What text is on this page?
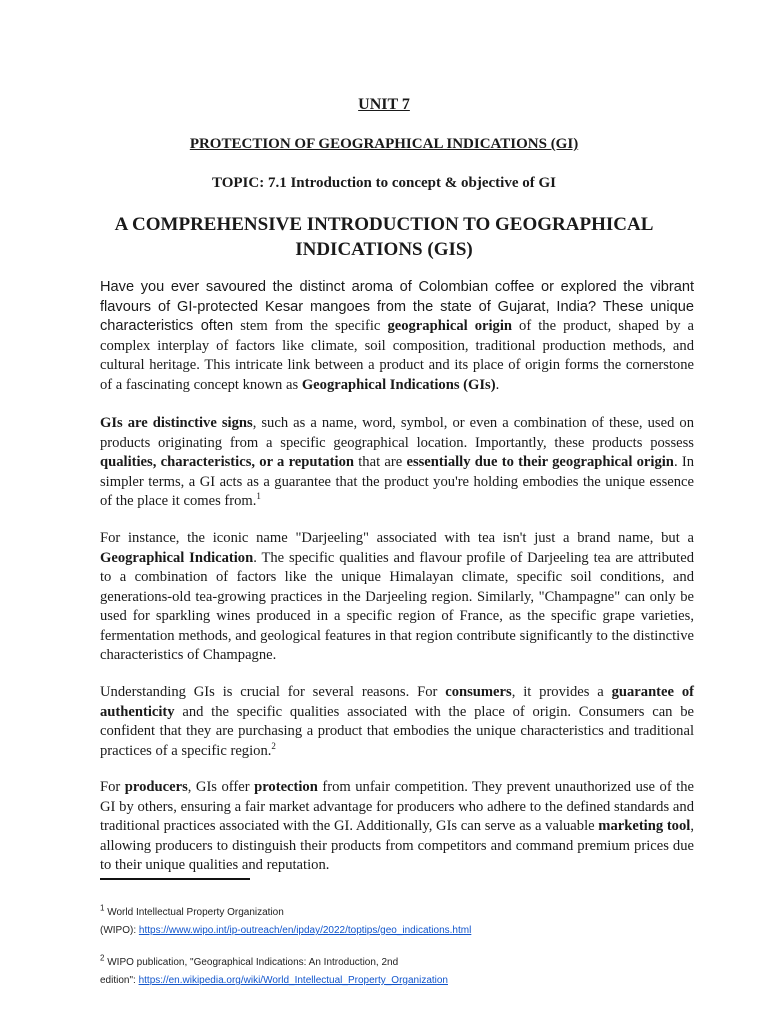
UNIT 7
PROTECTION OF GEOGRAPHICAL INDICATIONS (GI)
TOPIC: 7.1 Introduction to concept & objective of GI
A COMPREHENSIVE INTRODUCTION TO GEOGRAPHICAL
INDICATIONS (GIS)

Have you ever savoured the distinct aroma of Colombian coffee or explored the vibrant flavours of GI-protected Kesar mangoes from the state of Gujarat, India? These unique characteristics often stem from the specific geographical origin of the product, shaped by a complex interplay of factors like climate, soil composition, traditional production methods, and cultural heritage. This intricate link between a product and its place of origin forms the cornerstone of a fascinating concept known as Geographical Indications (GIs).

GIs are distinctive signs, such as a name, word, symbol, or even a combination of these, used on products originating from a specific geographical location. Importantly, these products possess qualities, characteristics, or a reputation that are essentially due to their geographical origin. In simpler terms, a GI acts as a guarantee that the product you're holding embodies the unique essence of the place it comes from.$^1$

For instance, the iconic name "Darjeeling" associated with tea isn't just a brand name, but a Geographical Indication. The specific qualities and flavour profile of Darjeeling tea are attributed to a combination of factors like the unique Himalayan climate, specific soil conditions, and generations-old tea-growing practices in the Darjeeling region. Similarly, "Champagne" can only be used for sparkling wines produced in a specific region of France, as the specific grape varieties, fermentation methods, and geological features in that region contribute significantly to the distinctive characteristics of Champagne.

Understanding GIs is crucial for several reasons. For consumers, it provides a guarantee of authenticity and the specific qualities associated with the place of origin. Consumers can be confident that they are purchasing a product that embodies the unique characteristics and traditional practices of a specific region.$^2$

For producers, GIs offer protection from unfair competition. They prevent unauthorized use of the GI by others, ensuring a fair market advantage for producers who adhere to the defined standards and traditional practices associated with the GI. Additionally, GIs can serve as a valuable marketing tool, allowing producers to distinguish their products from competitors and command premium prices due to their unique qualities and reputation.

$^1$ World Intellectual Property Organization
(WIPO): https://www.wipo.int/ip-outreach/en/ipday/2022/toptips/geo_indications.html

$^2$ WIPO publication, "Geographical Indications: An Introduction, 2nd
edition": https://en.wikipedia.org/wiki/World_Intellectual_Property_Organization
